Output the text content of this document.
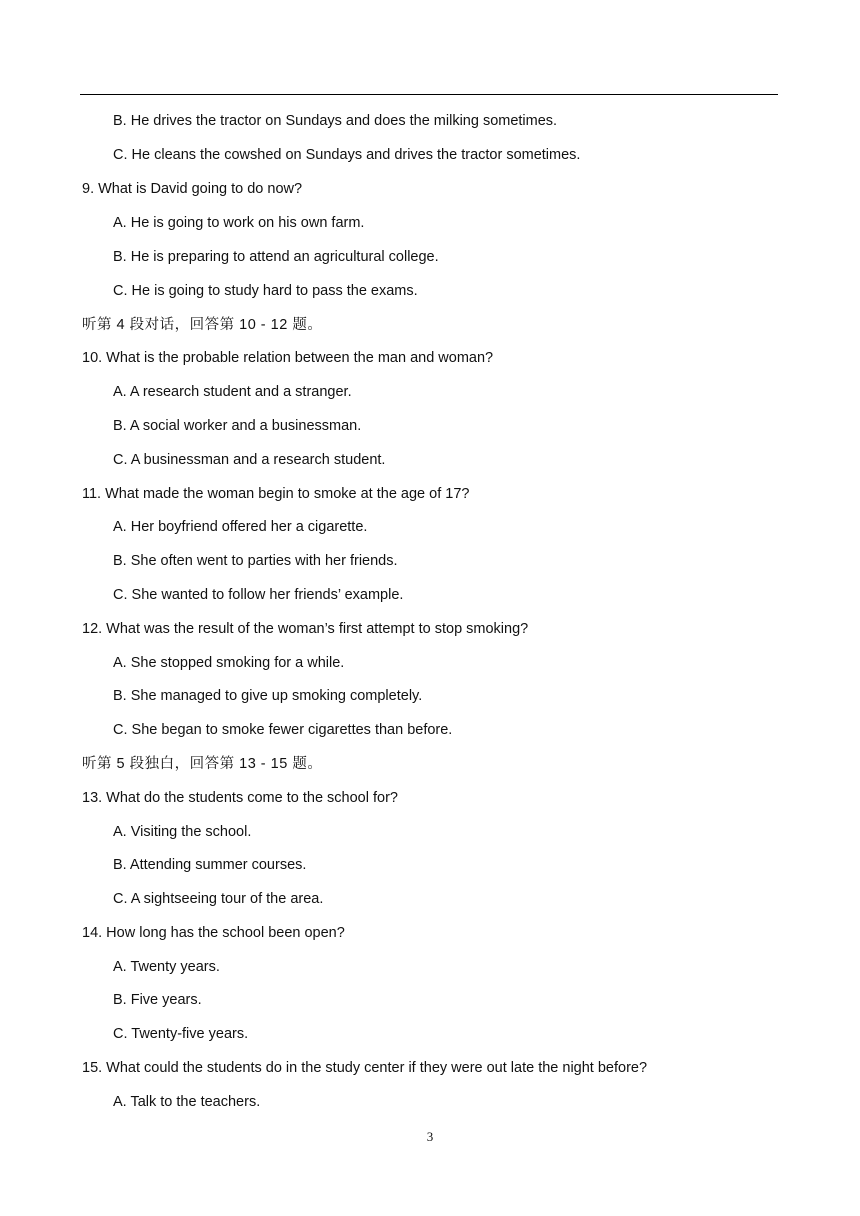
B. He drives the tractor on Sundays and does the milking sometimes.
C. He cleans the cowshed on Sundays and drives the tractor sometimes.
9. What is David going to do now?
A. He is going to work on his own farm.
B. He is preparing to attend an agricultural college.
C. He is going to study hard to pass the exams.
听第 4 段对话，回答第 10 - 12 题。
10. What is the probable relation between the man and woman?
A. A research student and a stranger.
B. A social worker and a businessman.
C. A businessman and a research student.
11. What made the woman begin to smoke at the age of 17?
A. Her boyfriend offered her a cigarette.
B. She often went to parties with her friends.
C. She wanted to follow her friends’ example.
12. What was the result of the woman’s first attempt to stop smoking?
A. She stopped smoking for a while.
B. She managed to give up smoking completely.
C. She began to smoke fewer cigarettes than before.
听第 5 段独白，回答第 13 - 15 题。
13. What do the students come to the school for?
A. Visiting the school.
B. Attending summer courses.
C. A sightseeing tour of the area.
14. How long has the school been open?
A. Twenty years.
B. Five years.
C. Twenty-five years.
15. What could the students do in the study center if they were out late the night before?
A. Talk to the teachers.
3
